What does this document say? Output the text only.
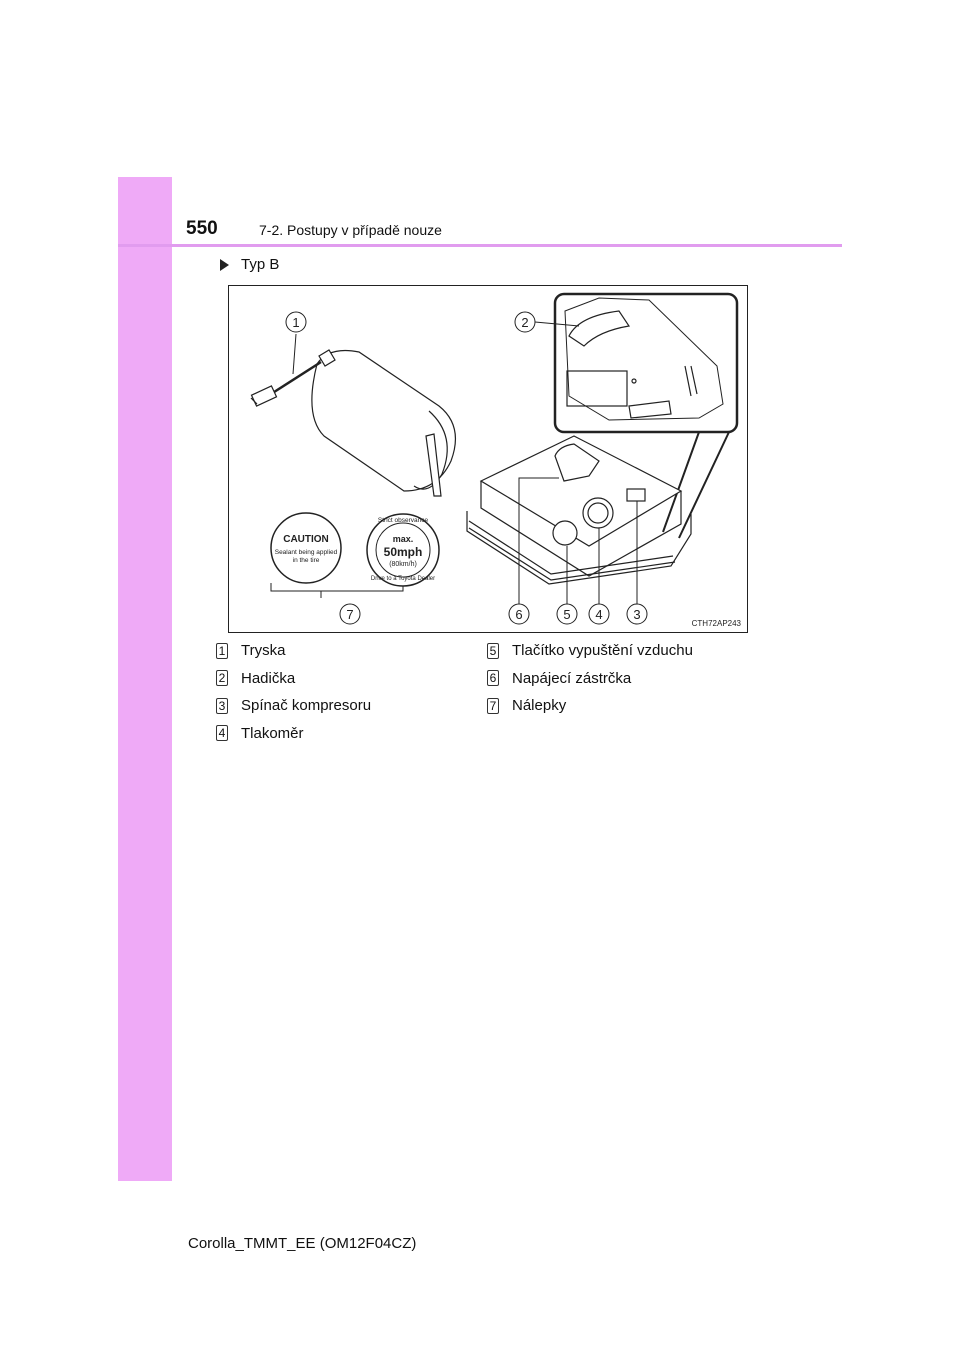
550	7-2. Postupy v případě nouze
Typ B
CAUTION
Sealant being applied
in the tire
Strict observance
max.
50mph
(80km/h)
Drive to a Toyota Dealer
1	2
7	6	5 4 3
CTH72AP243
1 Tryska
2 Hadička
3 Spínač kompresoru
4 Tlakoměr
5 Tlačítko vypuštění vzduchu
6 Napájecí zástrčka
7 Nálepky
Corolla_TMMT_EE (OM12F04CZ)
